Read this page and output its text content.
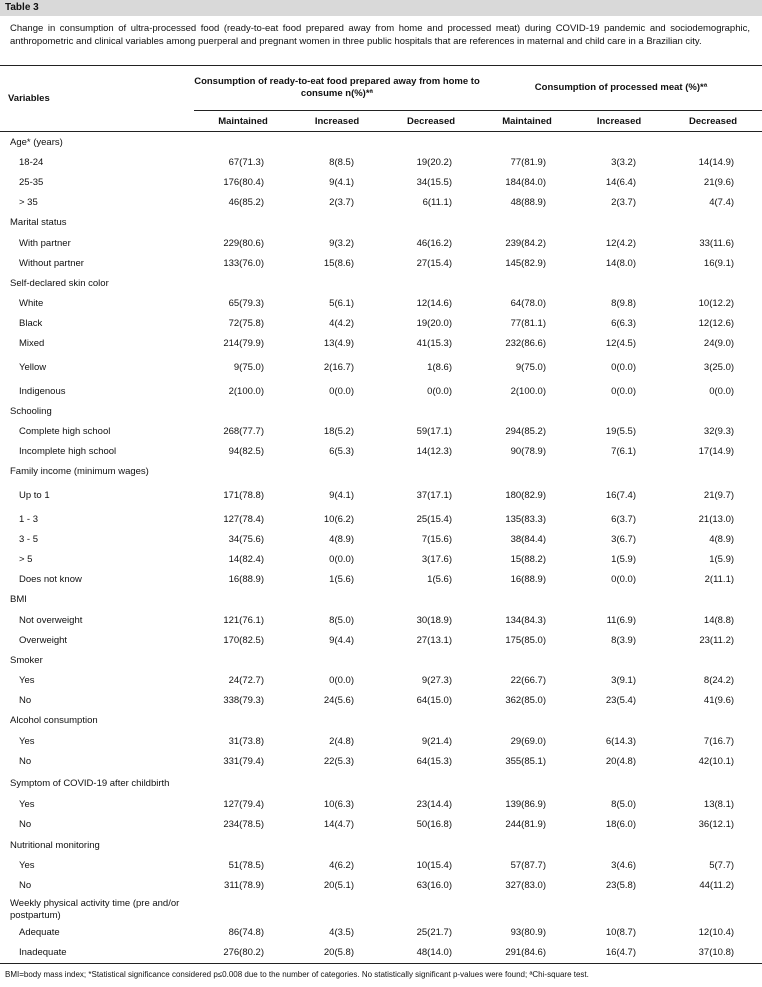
Table 3
Change in consumption of ultra-processed food (ready-to-eat food prepared away from home and processed meat) during COVID-19 pandemic and sociodemographic, anthropometric and clinical variables among puerperal and pregnant women in three public hospitals that are references in maternal and child care in a Brazilian city.
Variables	Consumption of ready-to-eat food prepared away from home to consume n(%)*ª			Consumption of processed meat (%)*ª		
	Maintained	Increased	Decreased	Maintained	Increased	Decreased
Age* (years)						
18-24	67(71.3)	8(8.5)	19(20.2)	77(81.9)	3(3.2)	14(14.9)
25-35	176(80.4)	9(4.1)	34(15.5)	184(84.0)	14(6.4)	21(9.6)
> 35	46(85.2)	2(3.7)	6(11.1)	48(88.9)	2(3.7)	4(7.4)
Marital status						
With partner	229(80.6)	9(3.2)	46(16.2)	239(84.2)	12(4.2)	33(11.6)
Without partner	133(76.0)	15(8.6)	27(15.4)	145(82.9)	14(8.0)	16(9.1)
Self-declared skin color						
White	65(79.3)	5(6.1)	12(14.6)	64(78.0)	8(9.8)	10(12.2)
Black	72(75.8)	4(4.2)	19(20.0)	77(81.1)	6(6.3)	12(12.6)
Mixed	214(79.9)	13(4.9)	41(15.3)	232(86.6)	12(4.5)	24(9.0)
Yellow	9(75.0)	2(16.7)	1(8.6)	9(75.0)	0(0.0)	3(25.0)
Indigenous	2(100.0)	0(0.0)	0(0.0)	2(100.0)	0(0.0)	0(0.0)
Schooling						
Complete high school	268(77.7)	18(5.2)	59(17.1)	294(85.2)	19(5.5)	32(9.3)
Incomplete high school	94(82.5)	6(5.3)	14(12.3)	90(78.9)	7(6.1)	17(14.9)
Family income (minimum wages)						
Up to 1	171(78.8)	9(4.1)	37(17.1)	180(82.9)	16(7.4)	21(9.7)
1 - 3	127(78.4)	10(6.2)	25(15.4)	135(83.3)	6(3.7)	21(13.0)
3 - 5	34(75.6)	4(8.9)	7(15.6)	38(84.4)	3(6.7)	4(8.9)
> 5	14(82.4)	0(0.0)	3(17.6)	15(88.2)	1(5.9)	1(5.9)
Does not know	16(88.9)	1(5.6)	1(5.6)	16(88.9)	0(0.0)	2(11.1)
BMI						
Not overweight	121(76.1)	8(5.0)	30(18.9)	134(84.3)	11(6.9)	14(8.8)
Overweight	170(82.5)	9(4.4)	27(13.1)	175(85.0)	8(3.9)	23(11.2)
Smoker						
Yes	24(72.7)	0(0.0)	9(27.3)	22(66.7)	3(9.1)	8(24.2)
No	338(79.3)	24(5.6)	64(15.0)	362(85.0)	23(5.4)	41(9.6)
Alcohol consumption						
Yes	31(73.8)	2(4.8)	9(21.4)	29(69.0)	6(14.3)	7(16.7)
No	331(79.4)	22(5.3)	64(15.3)	355(85.1)	20(4.8)	42(10.1)
Symptom of COVID-19 after childbirth						
Yes	127(79.4)	10(6.3)	23(14.4)	139(86.9)	8(5.0)	13(8.1)
No	234(78.5)	14(4.7)	50(16.8)	244(81.9)	18(6.0)	36(12.1)
Nutritional monitoring						
Yes	51(78.5)	4(6.2)	10(15.4)	57(87.7)	3(4.6)	5(7.7)
No	311(78.9)	20(5.1)	63(16.0)	327(83.0)	23(5.8)	44(11.2)
Weekly physical activity time (pre and/or postpartum)						
Adequate	86(74.8)	4(3.5)	25(21.7)	93(80.9)	10(8.7)	12(10.4)
Inadequate	276(80.2)	20(5.8)	48(14.0)	291(84.6)	16(4.7)	37(10.8)
BMI=body mass index; *Statistical significance considered p≤0.008 due to the number of categories. No statistically significant p-values were found; ªChi-square test.
